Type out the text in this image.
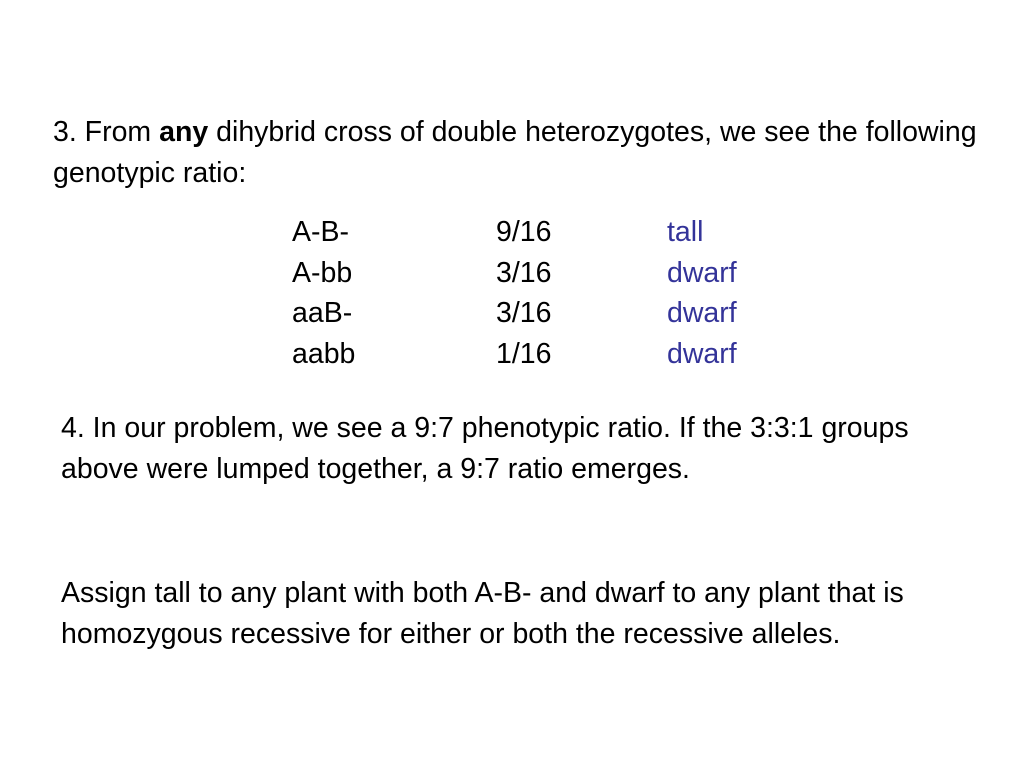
3. From any dihybrid cross of double heterozygotes, we see the following genotypic ratio:

A-B-	9/16	tall
A-bb	3/16	dwarf
aaB-	3/16	dwarf
aabb	1/16	dwarf

4. In our problem, we see a 9:7 phenotypic ratio. If the 3:3:1 groups above were lumped together, a 9:7 ratio emerges.

Assign tall to any plant with both A-B- and dwarf to any plant that is homozygous recessive for either or both the recessive alleles.
